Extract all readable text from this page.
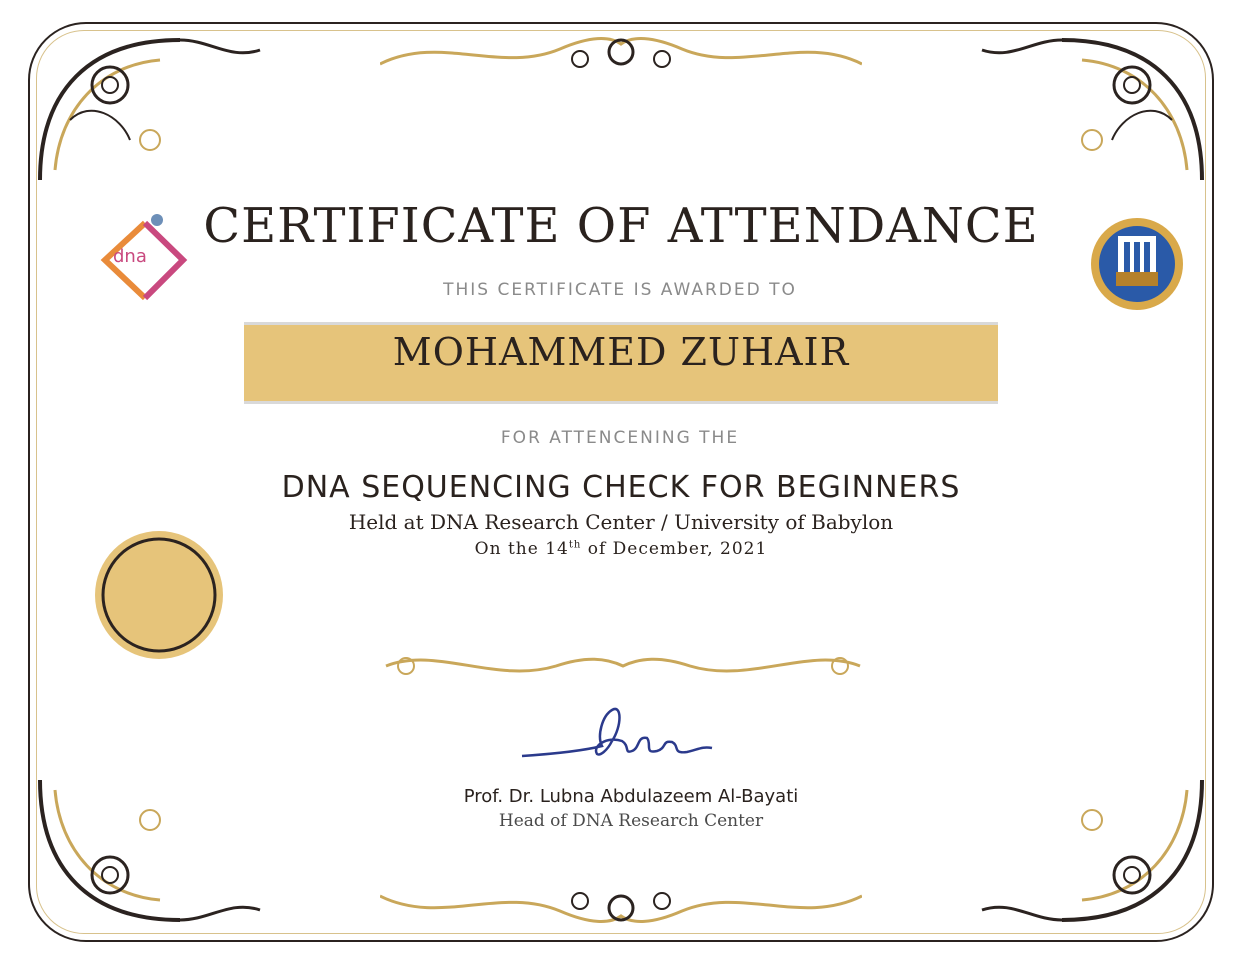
dna
CERTIFICATE OF ATTENDANCE
THIS CERTIFICATE IS AWARDED TO
MOHAMMED ZUHAIR
FOR ATTENCENING THE
DNA SEQUENCING CHECK FOR BEGINNERS
Held at DNA Research Center / University of Babylon
On the 14th of December, 2021
Prof. Dr. Lubna Abdulazeem Al-Bayati
Head of DNA Research Center
